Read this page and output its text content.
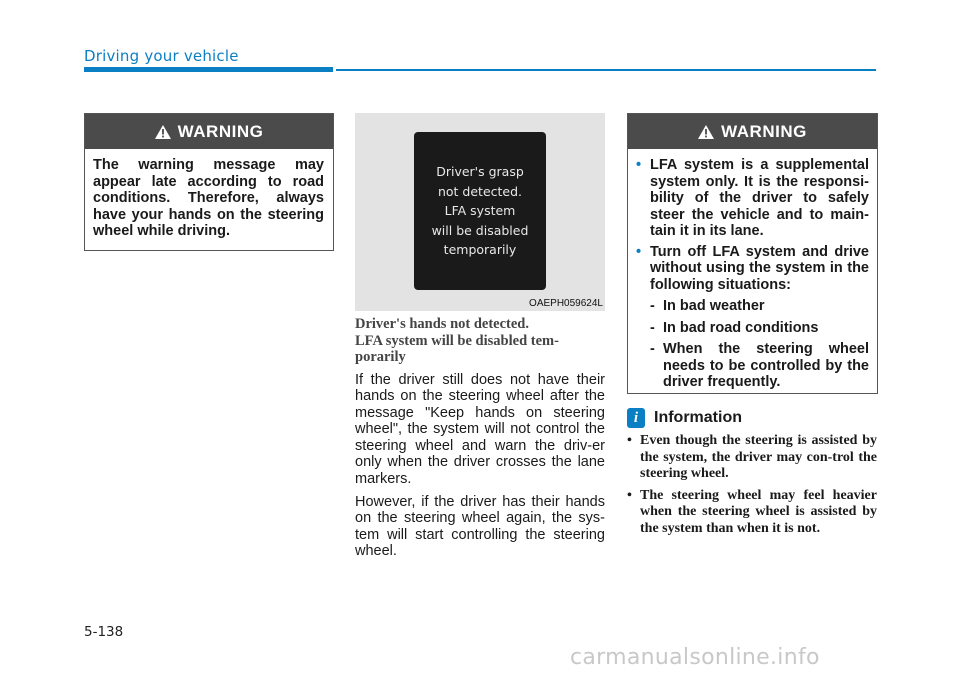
Driving your vehicle
WARNING
The warning message may appear late according to road conditions. Therefore, always have your hands on the steering wheel while driving.
Driver's grasp
not detected.
LFA system
will be disabled
temporarily
OAEPH059624L
Driver's hands not detected.
LFA system will be disabled tem-
porarily

If the driver still does not have their hands on the steering wheel after the message "Keep hands on steering wheel", the system will not control the steering wheel and warn the driv-er only when the driver crosses the lane markers.

However, if the driver has their hands on the steering wheel again, the sys-tem will start controlling the steering wheel.

WARNING
• LFA system is a supplemental system only. It is the responsi-bility of the driver to safely steer the vehicle and to main-tain it in its lane.
• Turn off LFA system and drive without using the system in the following situations:
- In bad weather
- In bad road conditions
- When the steering wheel needs to be controlled by the driver frequently.
i Information
• Even though the steering is assisted by the system, the driver may con-trol the steering wheel.
• The steering wheel may feel heavier when the steering wheel is assisted by the system than when it is not.
5-138
carmanualsonline.info
